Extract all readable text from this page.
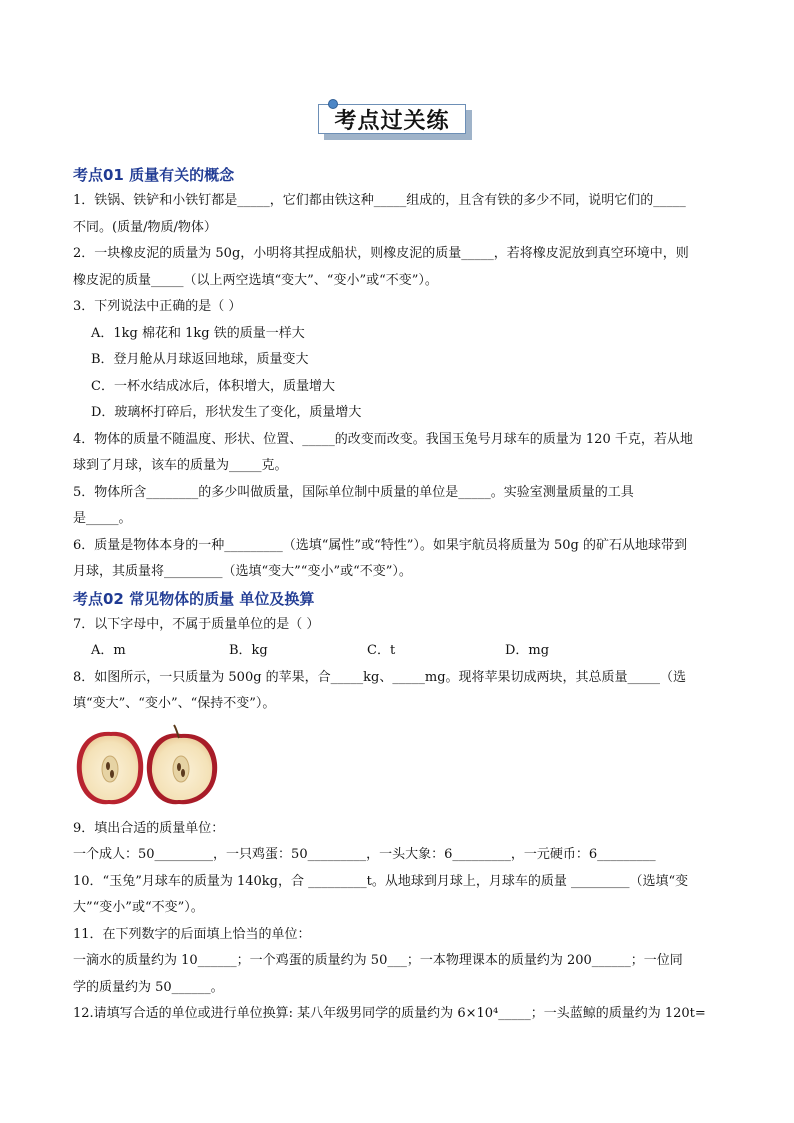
考点过关练
考点01 质量有关的概念

1．铁锅、铁铲和小铁钉都是_____，它们都由铁这种_____组成的，且含有铁的多少不同，说明它们的_____

不同。(质量/物质/物体）

2．一块橡皮泥的质量为 50g，小明将其捏成船状，则橡皮泥的质量_____，若将橡皮泥放到真空环境中，则

橡皮泥的质量_____（以上两空选填“变大”、“变小”或“不变”）。

3．下列说法中正确的是（ ）

A．1kg 棉花和 1kg 铁的质量一样大

B．登月舱从月球返回地球，质量变大

C．一杯水结成冰后，体积增大，质量增大

D．玻璃杯打碎后，形状发生了变化，质量增大

4．物体的质量不随温度、形状、位置、_____的改变而改变。我国玉兔号月球车的质量为 120 千克，若从地

球到了月球，该车的质量为_____克。

5．物体所含________的多少叫做质量，国际单位制中质量的单位是_____。实验室测量质量的工具

是_____。

6．质量是物体本身的一种_________（选填“属性”或“特性”）。如果宇航员将质量为 50g 的矿石从地球带到

月球，其质量将_________（选填“变大”“变小”或“不变”）。

考点02 常见物体的质量 单位及换算

7．以下字母中，不属于质量单位的是（ ）

A．m	B．kg	C．t	D．mg

8．如图所示，一只质量为 500g 的苹果，合_____kg、_____mg。现将苹果切成两块，其总质量_____（选

填“变大”、“变小”、“保持不变”）。

9．填出合适的质量单位：

一个成人：50_________，一只鸡蛋：50_________，一头大象：6_________，一元硬币：6_________

10．“玉兔”月球车的质量为 140kg，合 _________t。从地球到月球上，月球车的质量 _________（选填“变

大”“变小”或“不变”）。

11．在下列数字的后面填上恰当的单位：

一滴水的质量约为 10______；一个鸡蛋的质量约为 50___；一本物理课本的质量约为 200______；一位同

学的质量约为 50______。

12.请填写合适的单位或进行单位换算: 某八年级男同学的质量约为 6×10⁴_____；一头蓝鲸的质量约为 120t=
